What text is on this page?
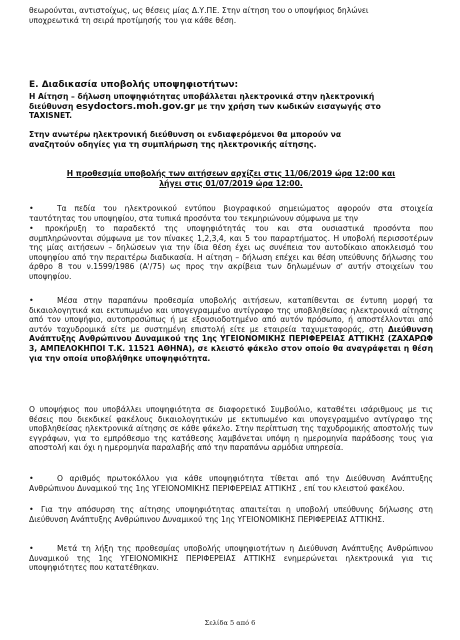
θεωρούνται, αντιστοίχως, ως θέσεις μίας Δ.Υ.ΠΕ. Στην αίτηση του ο υποψήφιος δηλώνει
υποχρεωτικά τη σειρά προτίμησής του για κάθε θέση.
Ε. Διαδικασία υποβολής υποψηφιοτήτων:
Η Αίτηση – δήλωση υποψηφιότητας υποβάλλεται ηλεκτρονικά στην ηλεκτρονική
διεύθυνση esydoctors.moh.gov.gr με την χρήση των κωδικών εισαγωγής στο
TAXISNET.
Στην ανωτέρω ηλεκτρονική διεύθυνση οι ενδιαφερόμενοι θα μπορούν να
αναζητούν οδηγίες για τη συμπλήρωση της ηλεκτρονικής αίτησης.
Η προθεσμία υποβολής των αιτήσεων αρχίζει στις 11/06/2019 ώρα 12:00 και
λήγει στις 01/07/2019 ώρα 12:00.
•	Τα πεδία του ηλεκτρονικού εντύπου βιογραφικού σημειώματος αφορούν στα στοιχεία ταυτότητας του υποψηφίου, στα τυπικά προσόντα του τεκμηριώνουν σύμφωνα με την
•	προκήρυξη το παραδεκτό της υποψηφιότητάς του και στα ουσιαστικά προσόντα που συμπληρώνονται σύμφωνα με τον πίνακες 1,2,3,4, και 5 του παραρτήματος. Η υποβολή περισσοτέρων της μίας αιτήσεων – δηλώσεων για την ίδια θέση έχει ως συνέπεια τον αυτοδίκαιο αποκλεισμό του υποψηφίου από την περαιτέρω διαδικασία. Η αίτηση – δήλωση επέχει και θέση υπεύθυνης δήλωσης του άρθρο 8 του ν.1599/1986 (Α'/75) ως προς την ακρίβεια των δηλωμένων σ' αυτήν στοιχείων του υποψηφίου.
•	Μέσα στην παραπάνω προθεσμία υποβολής αιτήσεων, καταπίθενται σε έντυπη μορφή τα δικαιολογητικά και εκτυπωμένο και υπογεγραμμένο αντίγραφο της υποβληθείσας ηλεκτρονικά αίτησης από τον υποψήφιο, αυτοπροσώπως ή με εξουσιοδοτημένο από αυτόν πρόσωπο, ή αποστέλλονται από αυτόν ταχυδρομικά είτε με συστημένη επιστολή είτε με εταιρεία ταχυμεταφοράς, στη Διεύθυνση Ανάπτυξης Ανθρώπινου Δυναμικού της 1ης ΥΓΕΙΟΝΟΜΙΚΗΣ ΠΕΡΙΦΕΡΕΙΑΣ ΑΤΤΙΚΗΣ (ΖΑΧΑΡΩΦ 3, ΑΜΠΕΛΟΚΗΠΟΙ Τ.Κ. 11521 ΑΘΗΝΑ), σε κλειστό φάκελο στον οποίο θα αναγράφεται η θέση για την οποία υποβλήθηκε υποψηφιότητα.
Ο υποψήφιος που υποβάλλει υποψηφιότητα σε διαφορετικό Συμβούλιο, καταθέτει ισάριθμους με τις θέσεις που διεκδικεί φακέλους δικαιολογητικών με εκτυπωμένο και υπογεγραμμένο αντίγραφο της υποβληθείσας ηλεκτρονικά αίτησης σε κάθε φάκελο. Στην περίπτωση της ταχυδρομικής αποστολής των εγγράφων, για το εμπρόθεσμο της κατάθεσης λαμβάνεται υπόψη η ημερομηνία παράδοσης τους για αποστολή και όχι η ημερομηνία παραλαβής από την παραπάνω αρμόδια υπηρεσία.
•	Ο αριθμός πρωτοκόλλου για κάθε υποψηφιότητα τίθεται από την Διεύθυνση Ανάπτυξης Ανθρώπινου Δυναμικού της 1ης ΥΓΕΙΟΝΟΜΙΚΗΣ ΠΕΡΙΦΕΡΕΙΑΣ ΑΤΤΙΚΗΣ , επί του κλειστού φακέλου.
• Για την απόσυρση της αίτησης υποψηφιότητας απαιτείται η υποβολή υπεύθυνης δήλωσης στη Διεύθυνση Ανάπτυξης Ανθρώπινου Δυναμικού της 1ης ΥΓΕΙΟΝΟΜΙΚΗΣ ΠΕΡΙΦΕΡΕΙΑΣ ΑΤΤΙΚΗΣ.
•	Μετά τη λήξη της προθεσμίας υποβολής υποψηφιοτήτων η Διεύθυνση Ανάπτυξης Ανθρώπινου Δυναμικού της 1ης ΥΓΕΙΟΝΟΜΙΚΗΣ ΠΕΡΙΦΕΡΕΙΑΣ ΑΤΤΙΚΗΣ ενημερώνεται ηλεκτρονικά για τις υποψηφιότητες που κατατέθηκαν.
Σελίδα 5 από 6
